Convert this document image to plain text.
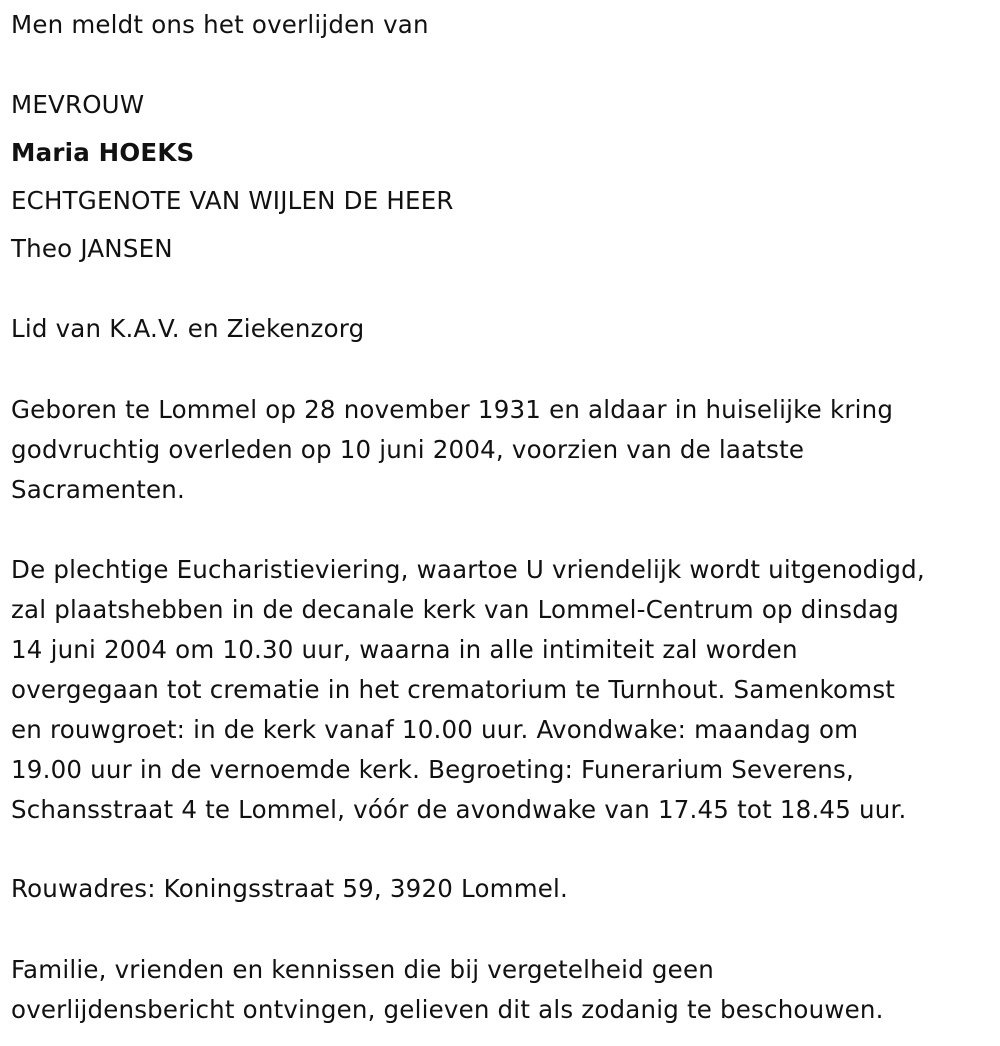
Men meldt ons het overlijden van

MEVROUW

Maria HOEKS

ECHTGENOTE VAN WIJLEN DE HEER

Theo JANSEN

Lid van K.A.V. en Ziekenzorg

Geboren te Lommel op 28 november 1931 en aldaar in huiselijke kring
godvruchtig overleden op 10 juni 2004, voorzien van de laatste
Sacramenten.
De plechtige Eucharistieviering, waartoe U vriendelijk wordt uitgenodigd,
zal plaatshebben in de decanale kerk van Lommel-Centrum op dinsdag
14 juni 2004 om 10.30 uur, waarna in alle intimiteit zal worden
overgegaan tot crematie in het crematorium te Turnhout. Samenkomst
en rouwgroet: in de kerk vanaf 10.00 uur. Avondwake: maandag om
19.00 uur in de vernoemde kerk. Begroeting: Funerarium Severens,
Schansstraat 4 te Lommel, vóór de avondwake van 17.45 tot 18.45 uur.

Rouwadres: Koningsstraat 59, 3920 Lommel.

Familie, vrienden en kennissen die bij vergetelheid geen
overlijdensbericht ontvingen, gelieven dit als zodanig te beschouwen.
